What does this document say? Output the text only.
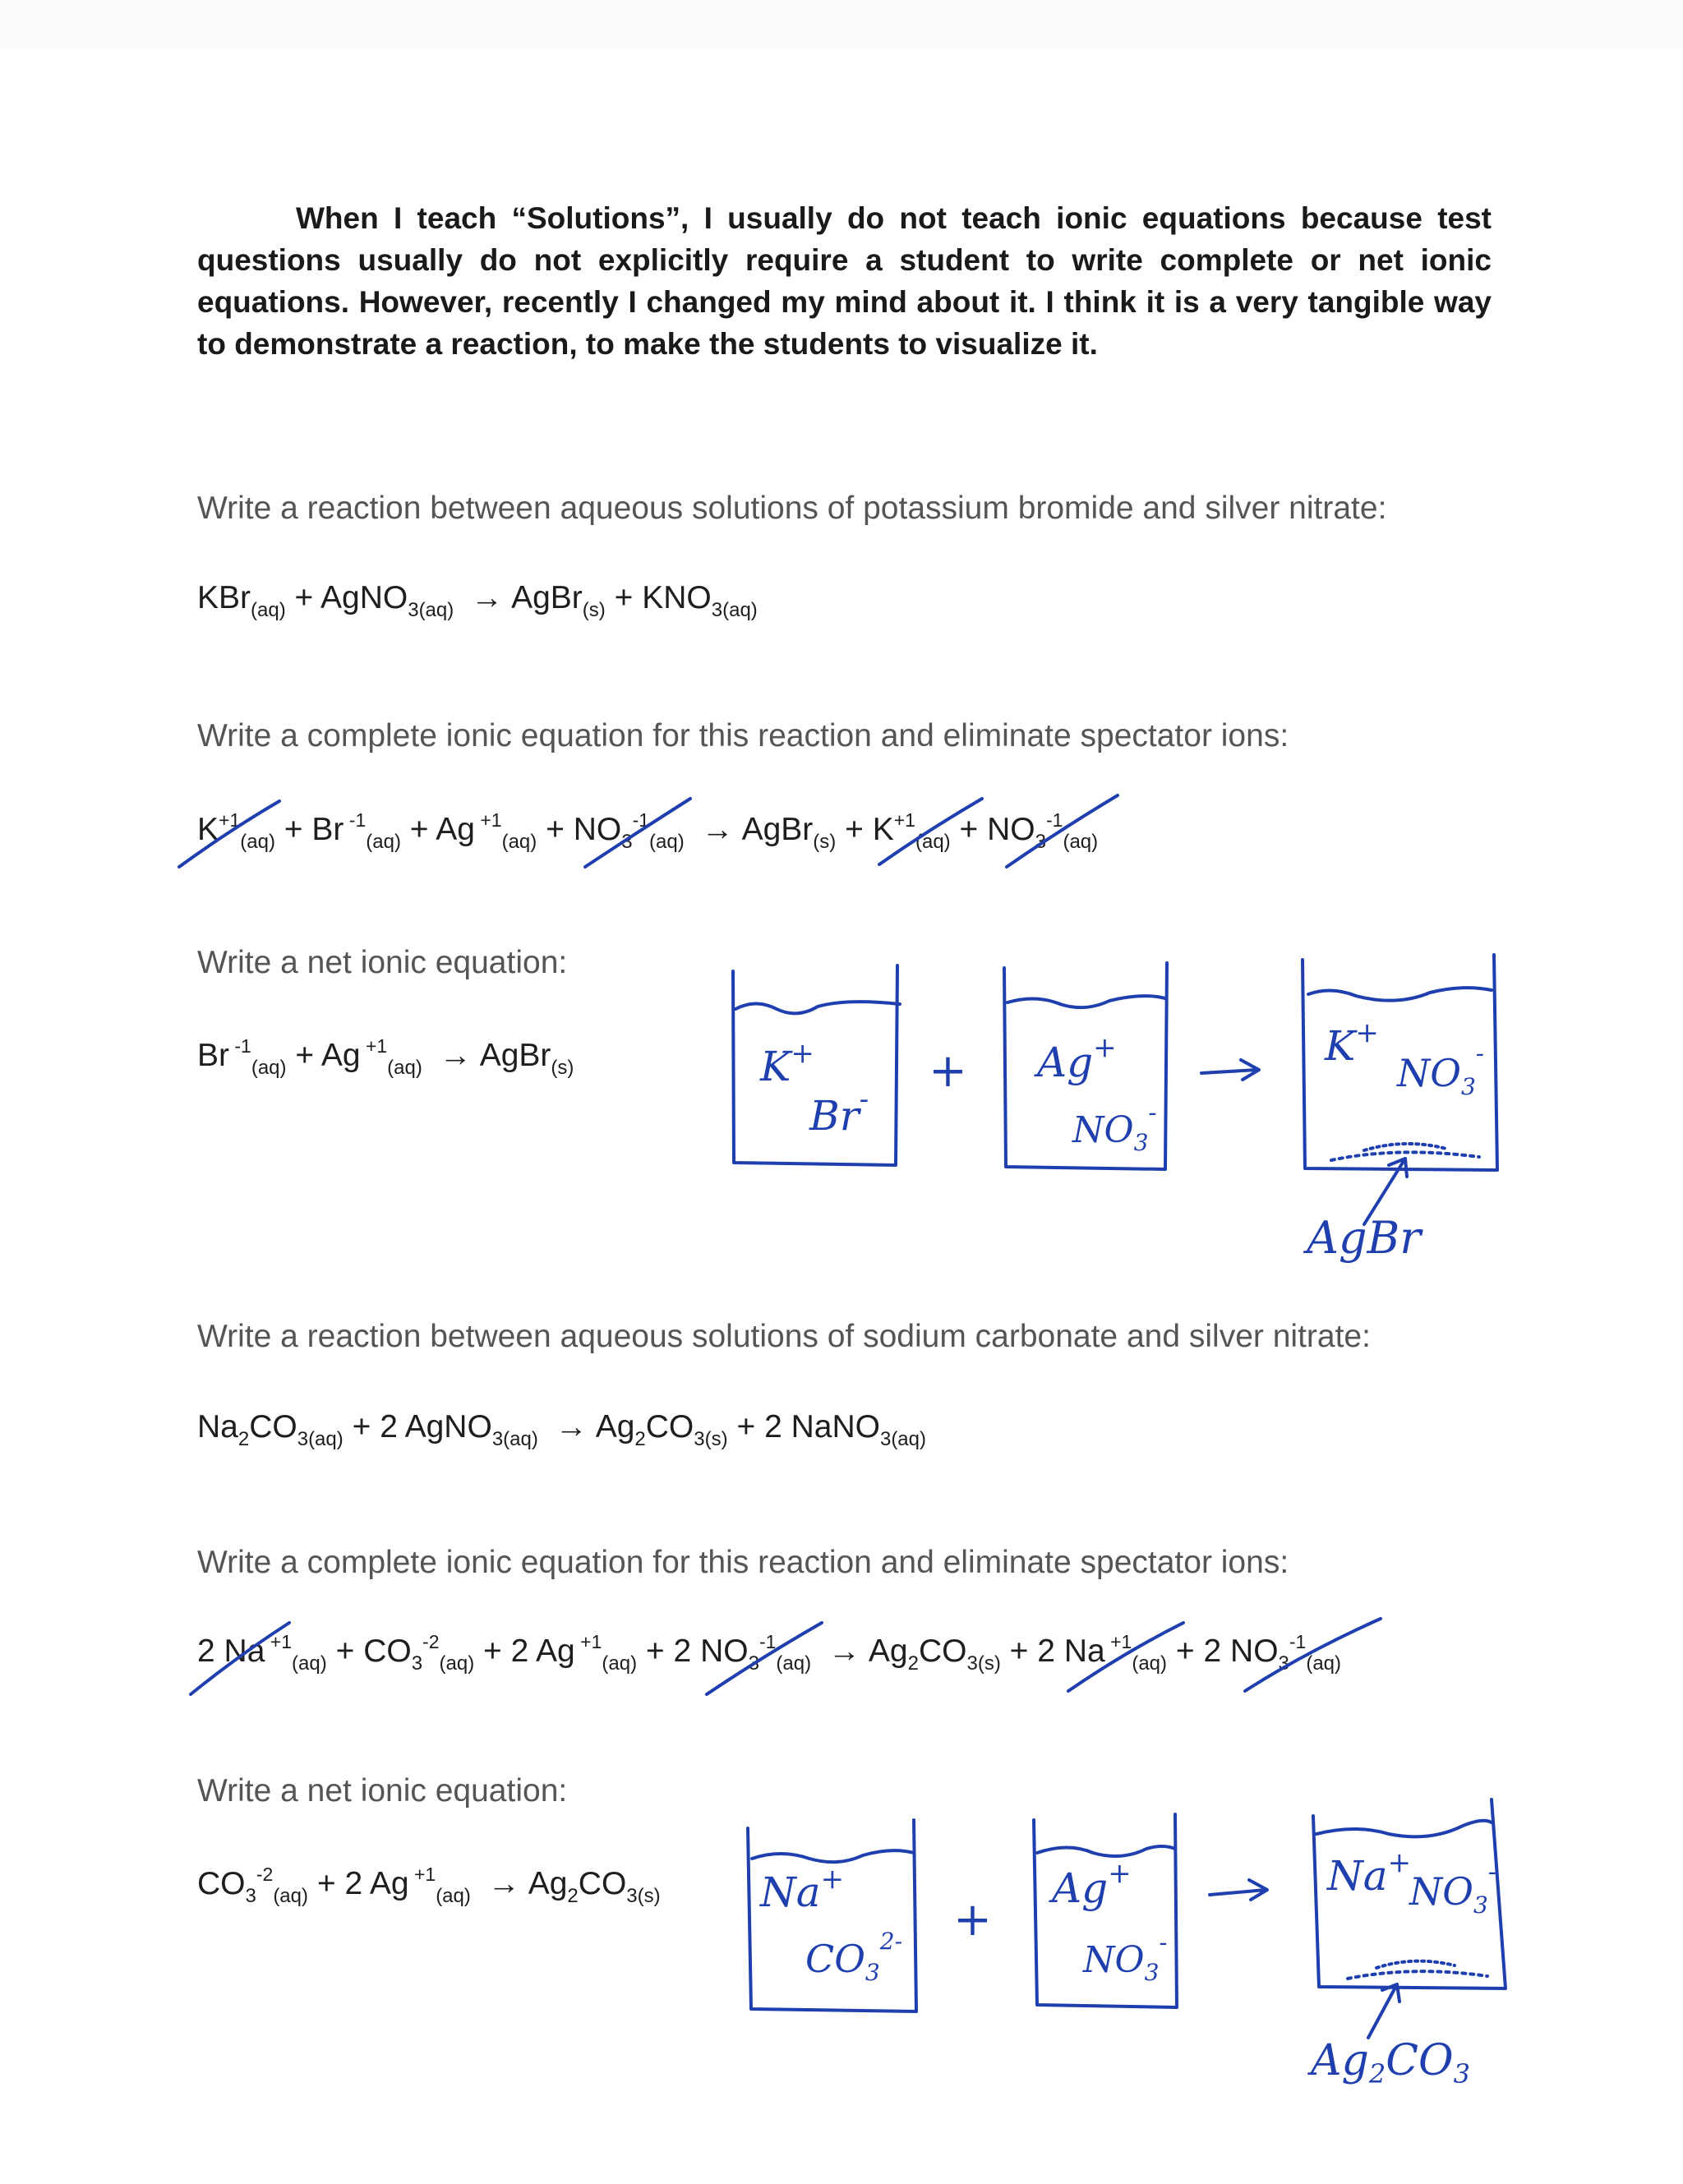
When I teach “Solutions”, I usually do not teach ionic equations because test questions usually do not explicitly require a student to write complete or net ionic equations. However, recently I changed my mind about it. I think it is a very tangible way to demonstrate a reaction, to make the students to visualize it.

Write a reaction between aqueous solutions of potassium bromide and silver nitrate:

KBr$_{(aq)}$ + AgNO$_{3(aq)}$ → AgBr$_{(s)}$ + $KNO_{3(aq)}$

Write a complete ionic equation for this reaction and eliminate spectator ions:

$K^{+1}_{(aq)} + Br$ $^{-1}_{(aq)}$ + Ag $^{+1}_{(aq)} + NO_3^{-1}_{(aq)}$ → AgBr$_{(s)}$ + $K^{+1}_{(aq)} + NO_3^{-1}_{(aq)}$

Write a net ionic equation:

Br $^{-1}_{(aq)}$ + Ag $^{+1}_{(aq)}$ → AgBr$_{(s)}$

Write a reaction between aqueous solutions of sodium carbonate and silver nitrate:

$Na_2CO_{3(aq)} + 2$ AgNO$_{3(aq)}$ → $Ag_2CO_{3(s)} + 2$ NaNO$_{3(aq)}$

Write a complete ionic equation for this reaction and eliminate spectator ions:

2 Na $^{+1}_{(aq)} + CO_3^{-2}_{(aq)} + 2$ Ag $^{+1}_{(aq)}$ + 2 $NO_3^{-1}_{(aq)} \to Ag_2CO_{3(s)} + 2$ Na $^{+1}_{(aq)}$ + 2 $NO_3^{-1}_{(aq)}$

Write a net ionic equation:

$CO_3^{-2}_{(aq)} + 2$ Ag $^{+1}_{(aq)} \to Ag_2CO_{3(s)}$

K+
Br-
+ Ag+
$NO_3^-$
K+
$NO_3^-$
AgBr
Na+
$CO_3^{2-}$ +
Ag+
$NO_3^-$
Na+
$NO_3^-$
Ag2CO3
